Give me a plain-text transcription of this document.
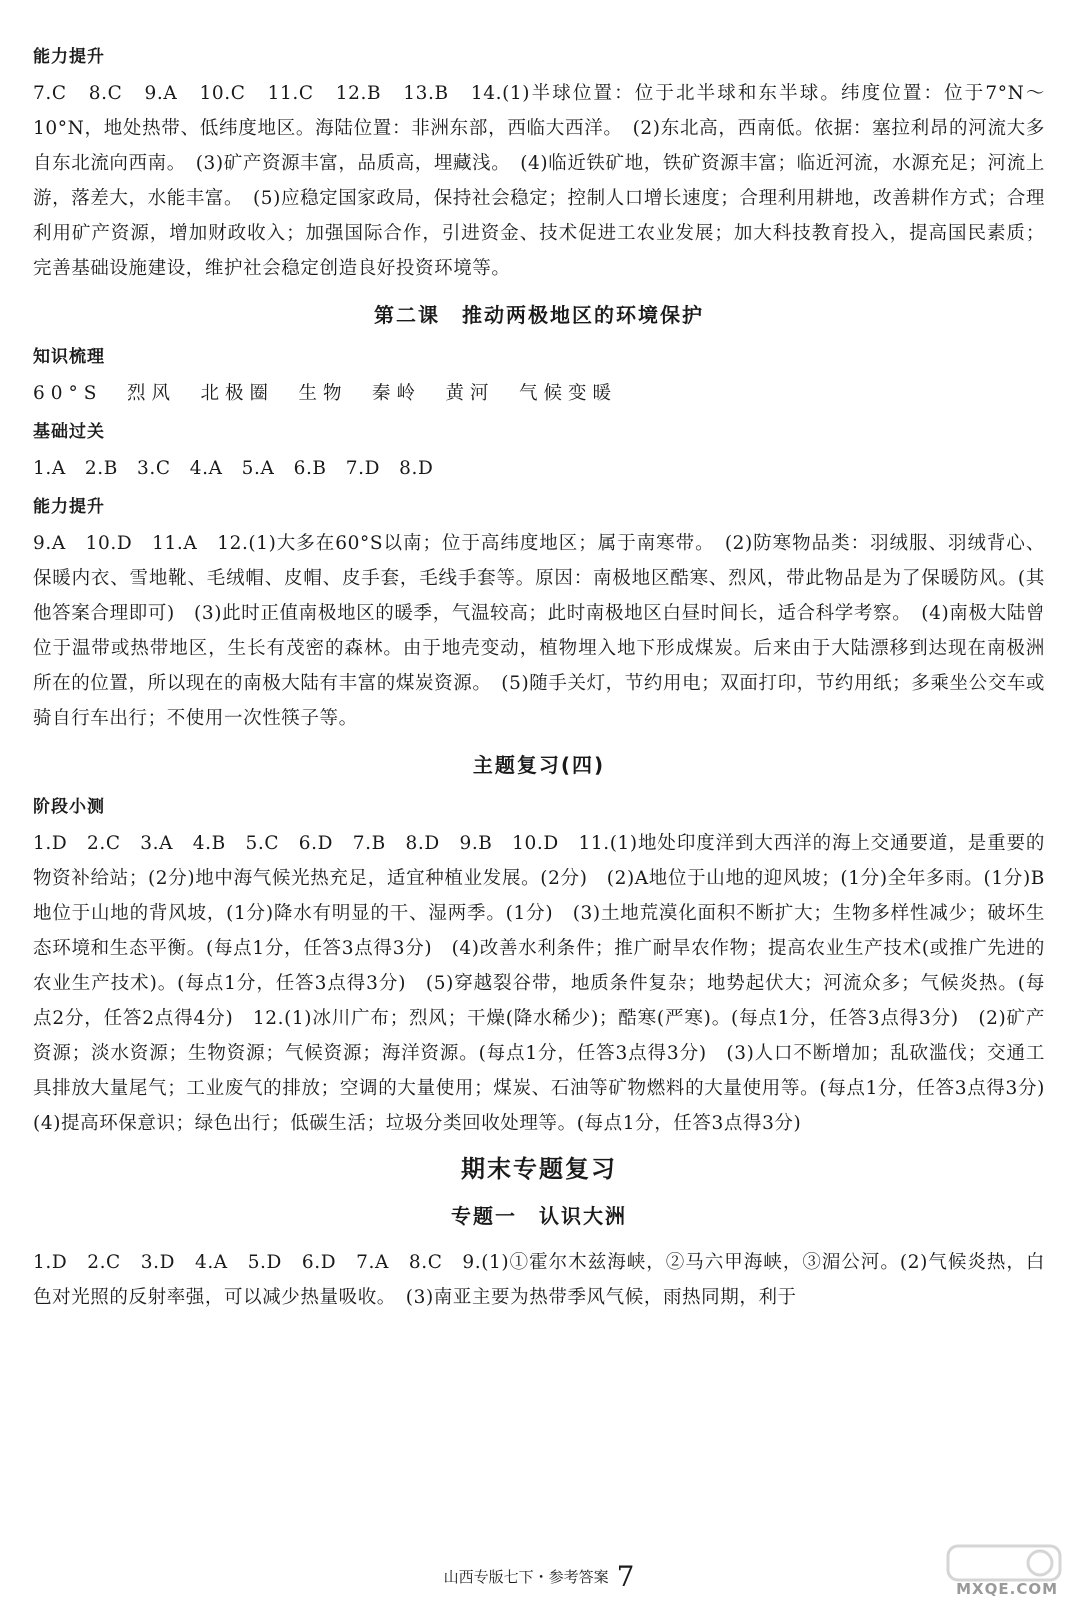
能力提升

7.C　8.C　9.A　10.C　11.C　12.B　13.B　14.(1)半球位置：位于北半球和东半球。纬度位置：位于7°N～10°N，地处热带、低纬度地区。海陆位置：非洲东部，西临大西洋。　(2)东北高，西南低。依据：塞拉利昂的河流大多自东北流向西南。　(3)矿产资源丰富，品质高，埋藏浅。　(4)临近铁矿地，铁矿资源丰富；临近河流，水源充足；河流上游，落差大，水能丰富。　(5)应稳定国家政局，保持社会稳定；控制人口增长速度；合理利用耕地，改善耕作方式；合理利用矿产资源，增加财政收入；加强国际合作，引进资金、技术促进工农业发展；加大科技教育投入，提高国民素质；完善基础设施建设，维护社会稳定创造良好投资环境等。

第二课 推动两极地区的环境保护
知识梳理

60°S　烈风　北极圈　生物　秦岭　黄河　气候变暖

基础过关

1.A　2.B　3.C　4.A　5.A　6.B　7.D　8.D

能力提升

9.A　10.D　11.A　12.(1)大多在60°S以南；位于高纬度地区；属于南寒带。　(2)防寒物品类：羽绒服、羽绒背心、保暖内衣、雪地靴、毛绒帽、皮帽、皮手套，毛线手套等。原因：南极地区酷寒、烈风，带此物品是为了保暖防风。(其他答案合理即可)　(3)此时正值南极地区的暖季，气温较高；此时南极地区白昼时间长，适合科学考察。　(4)南极大陆曾位于温带或热带地区，生长有茂密的森林。由于地壳变动，植物埋入地下形成煤炭。后来由于大陆漂移到达现在南极洲所在的位置，所以现在的南极大陆有丰富的煤炭资源。　(5)随手关灯，节约用电；双面打印，节约用纸；多乘坐公交车或骑自行车出行；不使用一次性筷子等。

主题复习(四)
阶段小测

1.D　2.C　3.A　4.B　5.C　6.D　7.B　8.D　9.B　10.D　11.(1)地处印度洋到大西洋的海上交通要道，是重要的物资补给站；(2分)地中海气候光热充足，适宜种植业发展。(2分)　(2)A地位于山地的迎风坡；(1分)全年多雨。(1分)B地位于山地的背风坡，(1分)降水有明显的干、湿两季。(1分)　(3)土地荒漠化面积不断扩大；生物多样性减少；破坏生态环境和生态平衡。(每点1分，任答3点得3分)　(4)改善水利条件；推广耐旱农作物；提高农业生产技术(或推广先进的农业生产技术)。(每点1分，任答3点得3分)　(5)穿越裂谷带，地质条件复杂；地势起伏大；河流众多；气候炎热。(每点2分，任答2点得4分)　12.(1)冰川广布；烈风；干燥(降水稀少)；酷寒(严寒)。(每点1分，任答3点得3分)　(2)矿产资源；淡水资源；生物资源；气候资源；海洋资源。(每点1分，任答3点得3分)　(3)人口不断增加；乱砍滥伐；交通工具排放大量尾气；工业废气的排放；空调的大量使用；煤炭、石油等矿物燃料的大量使用等。(每点1分，任答3点得3分)　(4)提高环保意识；绿色出行；低碳生活；垃圾分类回收处理等。(每点1分，任答3点得3分)

期末专题复习
专题一 认识大洲

1.D　2.C　3.D　4.A　5.D　6.D　7.A　8.C　9.(1)①霍尔木兹海峡，②马六甲海峡，③湄公河。(2)气候炎热，白色对光照的反射率强，可以减少热量吸收。　(3)南亚主要为热带季风气候，雨热同期，利于

山西专版七下・参考答案 7	MXQE.COM
